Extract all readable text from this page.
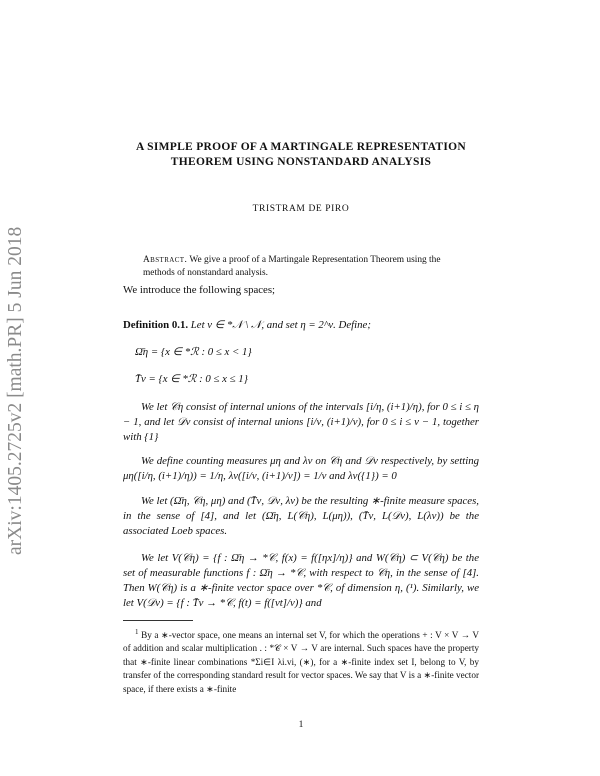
arXiv:1405.2725v2 [math.PR] 5 Jun 2018
A SIMPLE PROOF OF A MARTINGALE REPRESENTATION THEOREM USING NONSTANDARD ANALYSIS
TRISTRAM DE PIRO
Abstract. We give a proof of a Martingale Representation Theorem using the methods of nonstandard analysis.
We introduce the following spaces;
Definition 0.1. Let ν ∈ *𝒩 \ 𝒩, and set η = 2^ν. Define;
Ω̄η = {x ∈ *ℛ : 0 ≤ x < 1}
T̄ν = {x ∈ *ℛ : 0 ≤ x ≤ 1}
We let 𝒞η consist of internal unions of the intervals [i/η, (i+1)/η), for 0 ≤ i ≤ η − 1, and let 𝒟ν consist of internal unions [i/ν, (i+1)/ν), for 0 ≤ i ≤ ν − 1, together with {1}
We define counting measures μη and λν on 𝒞η and 𝒟ν respectively, by setting μη([i/η, (i+1)/η)) = 1/η, λν([i/ν, (i+1)/ν]) = 1/ν and λν({1}) = 0
We let (Ω̄η, 𝒞η, μη) and (T̄ν, 𝒟ν, λν) be the resulting ∗-finite measure spaces, in the sense of [4], and let (Ω̄η, L(𝒞η), L(μη)), (T̄ν, L(𝒟ν), L(λν)) be the associated Loeb spaces.
We let V(𝒞η) = {f : Ω̄η → *𝒞, f(x) = f([ηx]/η)} and W(𝒞η) ⊂ V(𝒞η) be the set of measurable functions f : Ω̄η → *𝒞, with respect to 𝒞η, in the sense of [4]. Then W(𝒞η) is a ∗-finite vector space over *𝒞, of dimension η, (¹). Similarly, we let V(𝒟ν) = {f : T̄ν → *𝒞, f(t) = f([νt]/ν)} and
$^1$ By a ∗-vector space, one means an internal set V, for which the operations + : V × V → V of addition and scalar multiplication . : *𝒞 × V → V are internal. Such spaces have the property that ∗-finite linear combinations *Σi∈I λi.vi, (∗), for a ∗-finite index set I, belong to V, by transfer of the corresponding standard result for vector spaces. We say that V is a ∗-finite vector space, if there exists a ∗-finite
1
